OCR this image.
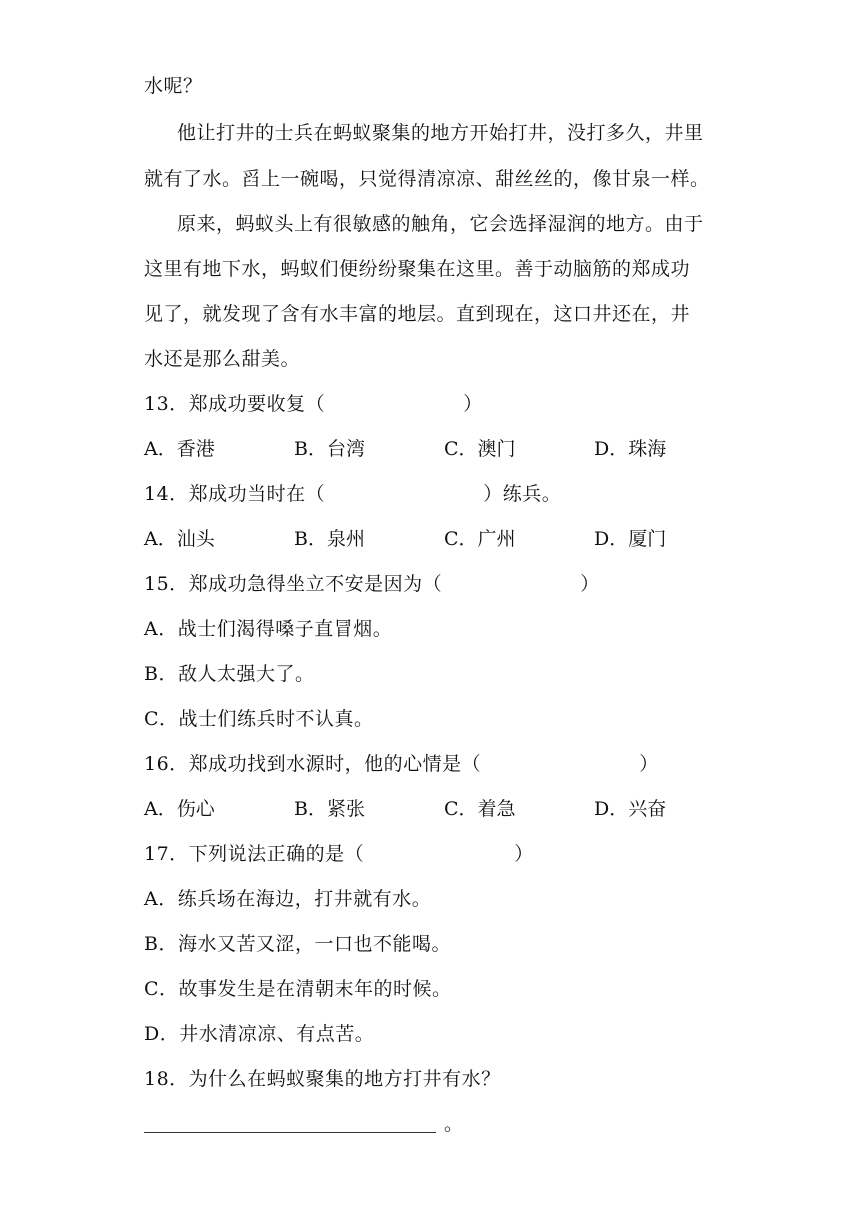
水呢？
他让打井的士兵在蚂蚁聚集的地方开始打井，没打多久，井里
就有了水。舀上一碗喝，只觉得清凉凉、甜丝丝的，像甘泉一样。
原来，蚂蚁头上有很敏感的触角，它会选择湿润的地方。由于
这里有地下水，蚂蚁们便纷纷聚集在这里。善于动脑筋的郑成功
见了，就发现了含有水丰富的地层。直到现在，这口井还在，井
水还是那么甜美。
13．郑成功要收复（	）
A．香港	B．台湾	C．澳门	D．珠海
14．郑成功当时在（	）练兵。
A．汕头	B．泉州	C．广州	D．厦门
15．郑成功急得坐立不安是因为（	）
A．战士们渴得嗓子直冒烟。
B．敌人太强大了。
C．战士们练兵时不认真。
16．郑成功找到水源时，他的心情是（	）
A．伤心	B．紧张	C．着急	D．兴奋
17．下列说法正确的是（	）
A．练兵场在海边，打井就有水。
B．海水又苦又涩，一口也不能喝。
C．故事发生是在清朝末年的时候。
D．井水清凉凉、有点苦。
18．为什么在蚂蚁聚集的地方打井有水？
。
